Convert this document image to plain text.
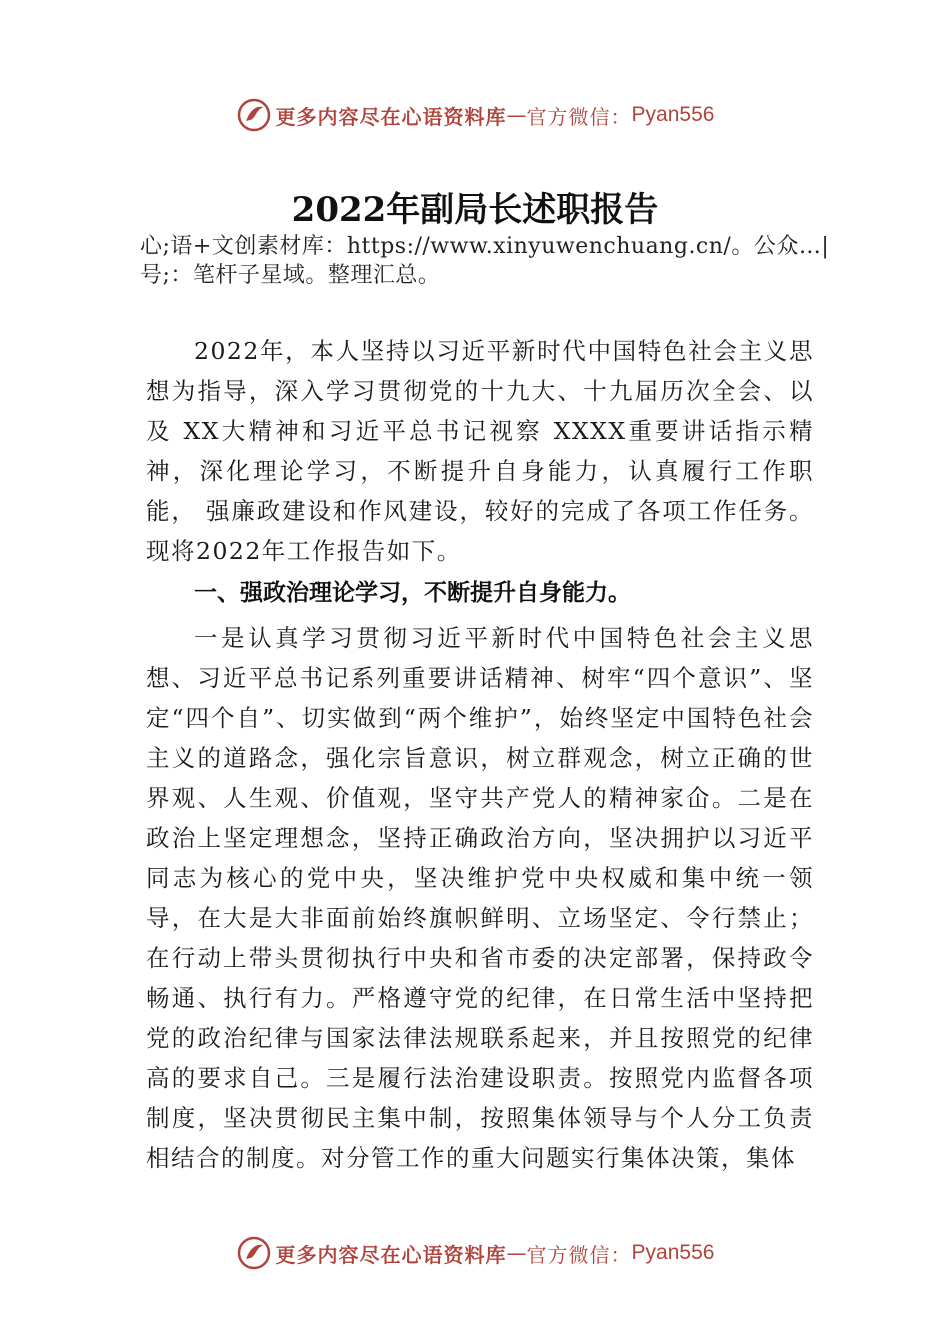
更多内容尽在心语资料库 — 官方微信： Pyan556
2022年副局长述职报告
心;语+文创素材库：https://www.xinyuwenchuang.cn/。公众…|号;：笔杆子星域。整理汇总。
2022年，本人坚持以习近平新时代中国特色社会主义思想为指导，深入学习贯彻党的十九大、十九届历次全会、以及 XX大精神和习近平总书记视察 XXXX重要讲话指示精神，深化理论学习，不断提升自身能力，认真履行工作职能， 强廉政建设和作风建设，较好的完成了各项工作任务。现将2022年工作报告如下。
一、强政治理论学习，不断提升自身能力。
一是认真学习贯彻习近平新时代中国特色社会主义思想、习近平总书记系列重要讲话精神、树牢“四个意识”、坚定“四个自”、切实做到“两个维护”，始终坚定中国特色社会主义的道路念，强化宗旨意识，树立群观念，树立正确的世界观、人生观、价值观，坚守共产党人的精神家仚。二是在政治上坚定理想念，坚持正确政治方向，坚决拥护以习近平同志为核心的党中央，坚决维护党中央权威和集中统一领导，在大是大非面前始终旗帜鲜明、立场坚定、令行禁止； 在行动上带头贯彻执行中央和省市委的决定部署，保持政令畅通、执行有力。严格遵守党的纪律，在日常生活中坚持把党的政治纪律与国家法律法规联系起来，并且按照党的纪律高的要求自己。三是履行法治建设职责。按照党内监督各项制度，坚决贯彻民主集中制，按照集体领导与个人分工负责相结合的制度。对分管工作的重大问题实行集体决策，集体
更多内容尽在心语资料库 — 官方微信： Pyan556
